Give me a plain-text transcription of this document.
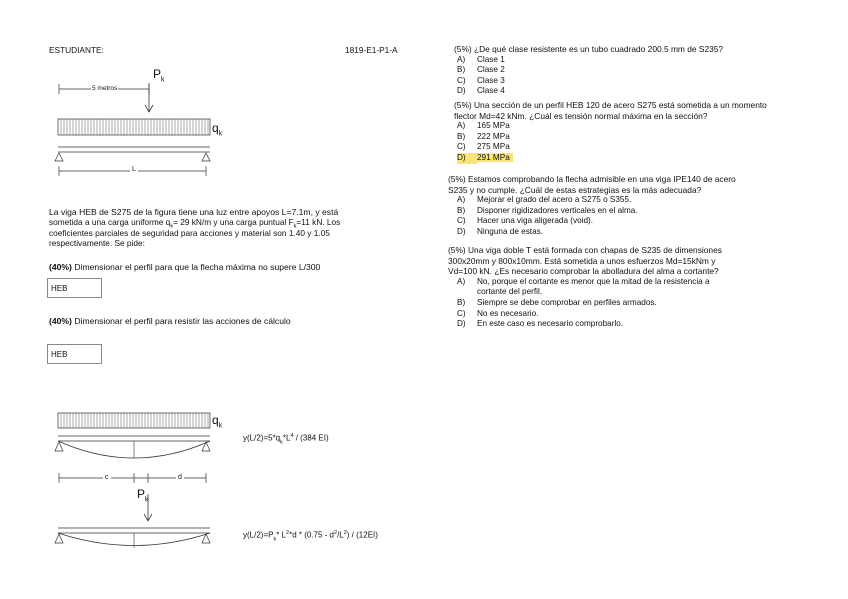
ESTUDIANTE:	1819-E1-P1-A
5 metros
$P_k$
$q_k$
L
La viga HEB de S275 de la figura tiene una luz entre apoyos L=7.1m, y está
sometida a una carga uniforme $q_k= 29$ kN/m y una carga puntual $F_k=11$ kN. Los
coeficientes parciales de seguridad para acciones y material son 1.40 y 1.05
respectivamente. Se pide:
(40%) Dimensionar el perfil para que la flecha máxima no supere L/300
HEB
(40%) Dimensionar el perfil para resistir las acciones de cálculo
HEB
$q_k$
$y(L/2)=5*q_k*L^4 / (384$ EI)
c	d
$P_k$
$y(L/2)=P_k*$ $L^2*d * (0.75 - d^2/L^2) / (12EI)$
(5%) ¿De qué clase resistente es un tubo cuadrado 200.5 mm de S235?
A) Clase 1
B) Clase 2
C) Clase 3
D) Clase 4
(5%) Una sección de un perfil HEB 120 de acero S275 está sometida a un momento
flector Md=42 kNm. ¿Cuál es tensión normal máxima en la sección?
A) 165 MPa
B) 222 MPa
C) 275 MPa
D) 291 MPa
(5%) Estamos comprobando la flecha admisible en una viga IPE140 de acero
S235 y no cumple. ¿Cuál de estas estrategias es la más adecuada?
A) Mejorar el grado del acero a S275 o S355.
B) Disponer rigidizadores verticales en el alma.
C) Hacer una viga aligerada (void).
D) Ninguna de estas.
(5%) Una viga doble T está formada con chapas de S235 de dimensiones
300x20mm y 800x10mm. Está sometida a unos esfuerzos Md=15kNm y
Vd=100 kN. ¿Es necesario comprobar la abolladura del alma a cortante?
A) No, porque el cortante es menor que la mitad de la resistencia a
cortante del perfil.
B) Siempre se debe comprobar en perfiles armados.
C) No es necesario.
D) En este caso es necesario comprobarlo.
